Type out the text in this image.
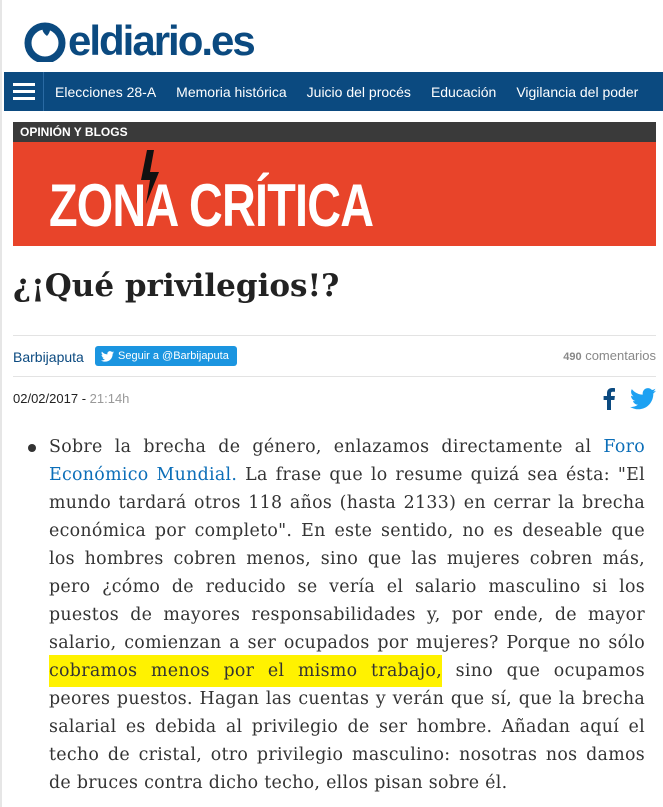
eldiario.es
Elecciones 28-A Memoria histórica Juicio del procés Educación Vigilancia del poder
OPINIÓN Y BLOGS
ZONA CRÍTICA
¿¡Qué privilegios!?
Barbijaputa	Seguir a @Barbijaputa	490 comentarios
02/02/2017 - 21:14h
Sobre la brecha de género, enlazamos directamente al Foro Económico Mundial. La frase que lo resume quizá sea ésta: "El mundo tardará otros 118 años (hasta 2133) en cerrar la brecha económica por completo". En este sentido, no es deseable que los hombres cobren menos, sino que las mujeres cobren más, pero ¿cómo de reducido se vería el salario masculino si los puestos de mayores responsabilidades y, por ende, de mayor salario, comienzan a ser ocupados por mujeres? Porque no sólo cobramos menos por el mismo trabajo, sino que ocupamos peores puestos. Hagan las cuentas y verán que sí, que la brecha salarial es debida al privilegio de ser hombre. Añadan aquí el techo de cristal, otro privilegio masculino: nosotras nos damos de bruces contra dicho techo, ellos pisan sobre él.
